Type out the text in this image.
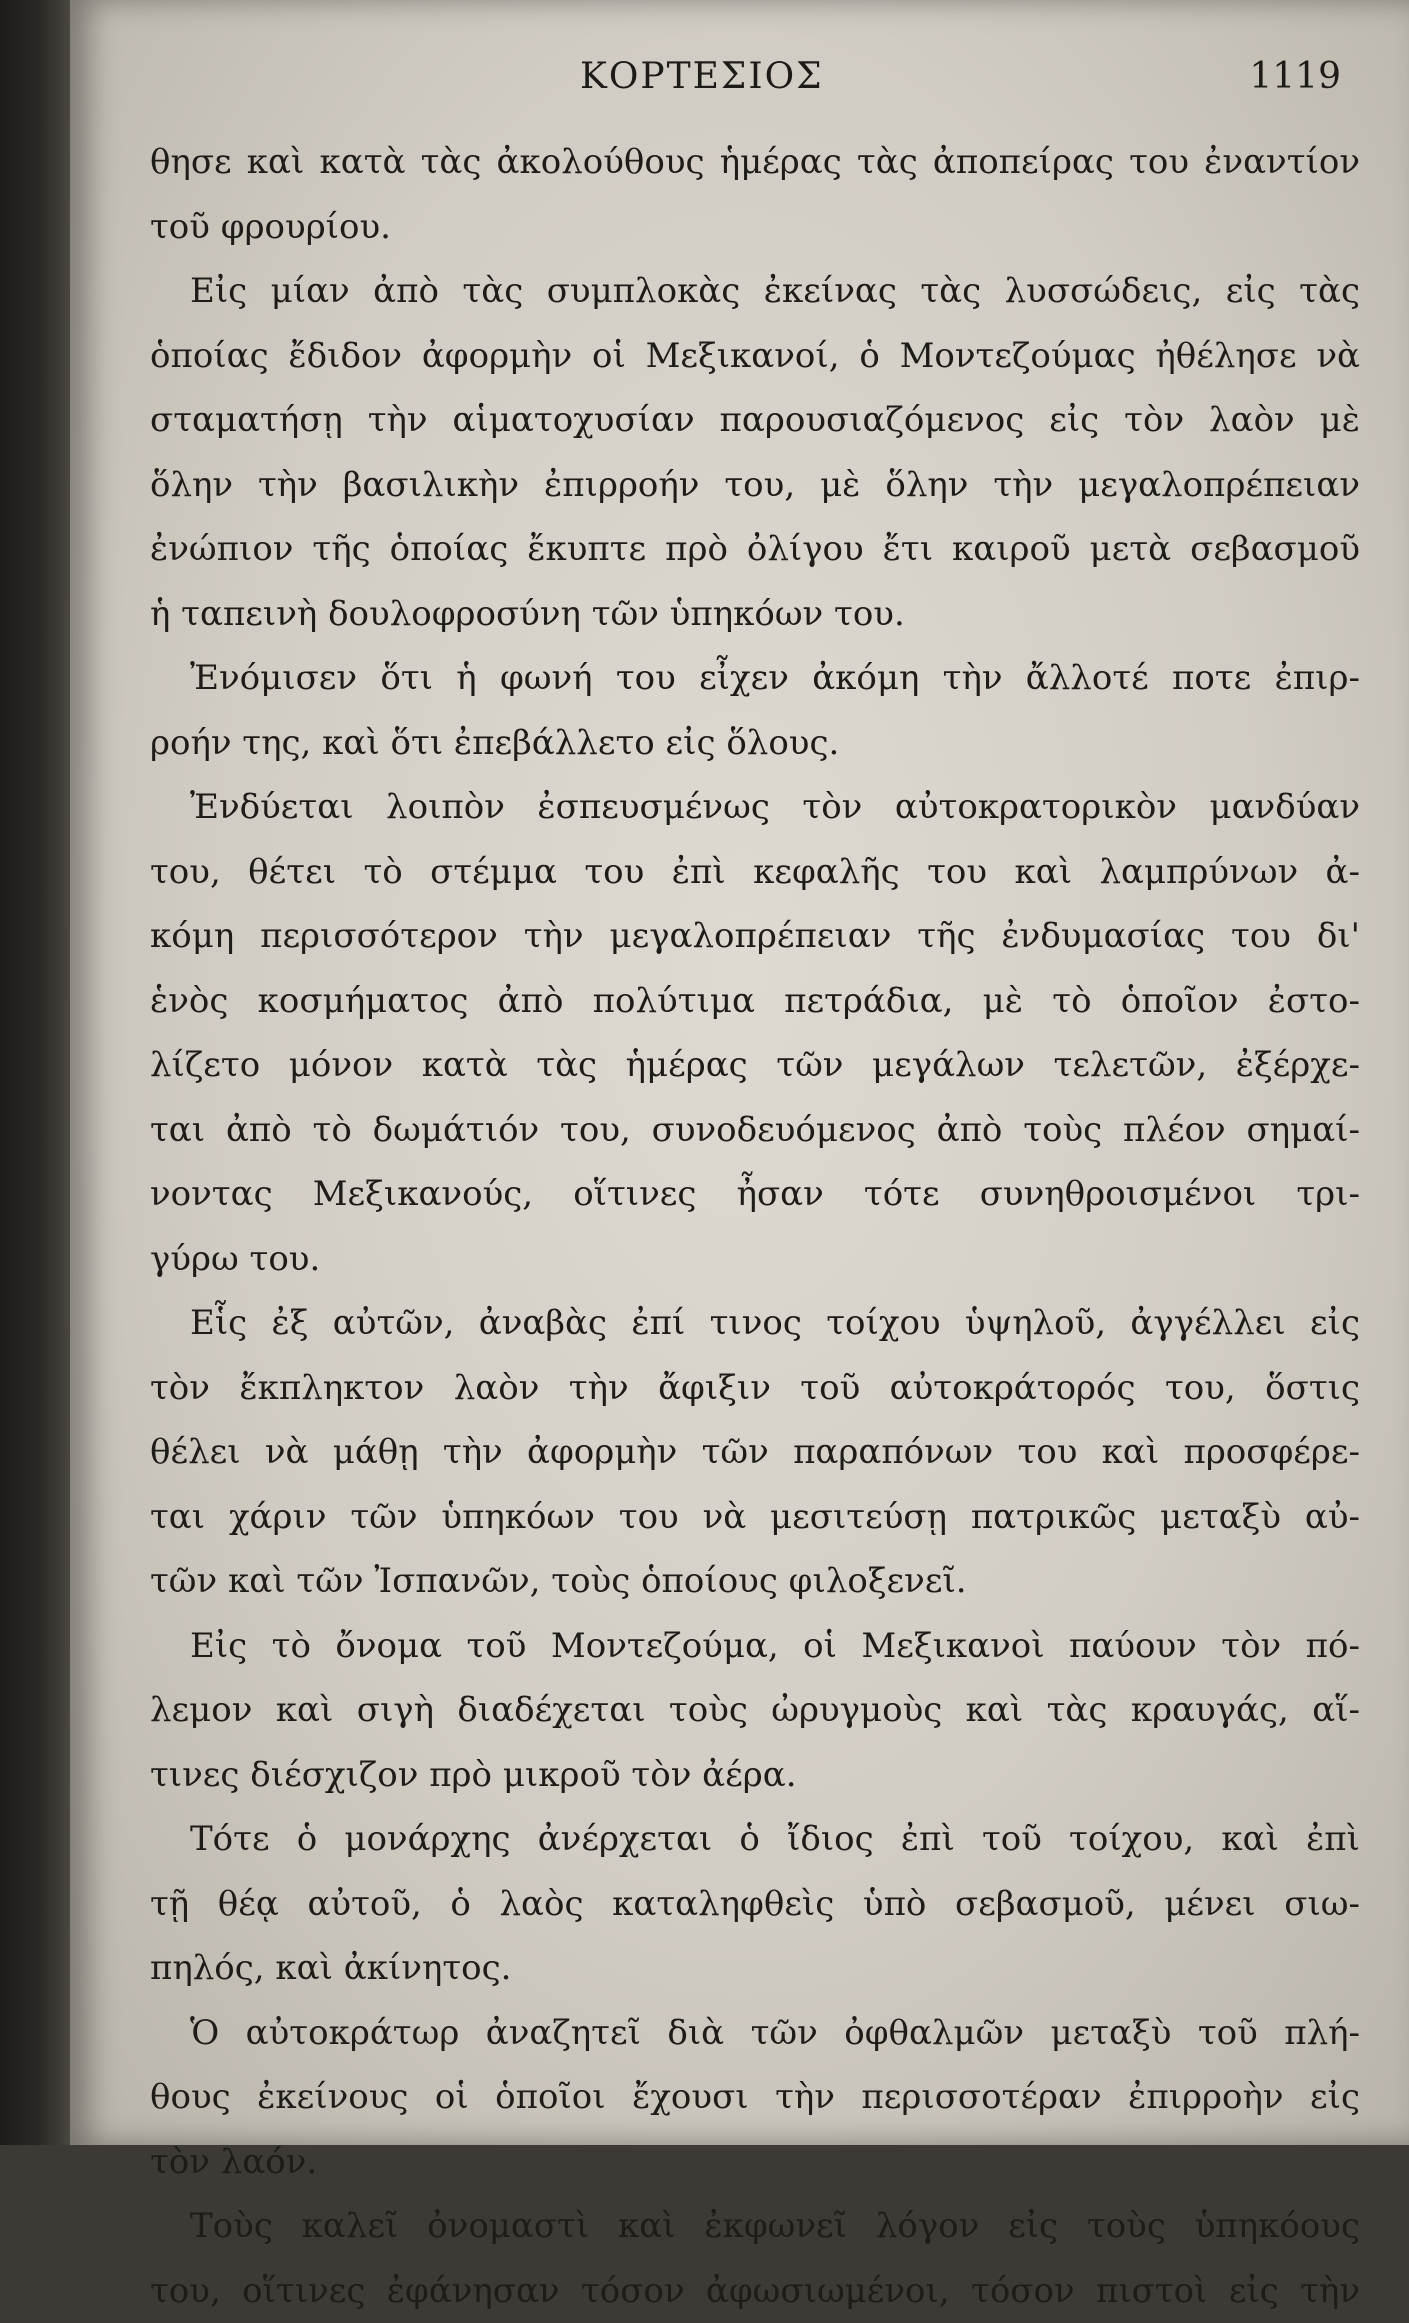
ΚΟΡΤΕΣΙΟΣ	1119
θησε καὶ κατὰ τὰς ἀκολούθους ἡμέρας τὰς ἀποπείρας του ἐναντίον
τοῦ φρουρίου.
Εἰς μίαν ἀπὸ τὰς συμπλοκὰς ἐκείνας τὰς λυσσώδεις, εἰς τὰς
ὁποίας ἔδιδον ἀφορμὴν οἱ Μεξικανοί, ὁ Μοντεζούμας ἠθέλησε νὰ
σταματήσῃ τὴν αἱματοχυσίαν παρουσιαζόμενος εἰς τὸν λαὸν μὲ
ὅλην τὴν βασιλικὴν ἐπιρροήν του, μὲ ὅλην τὴν μεγαλοπρέπειαν
ἐνώπιον τῆς ὁποίας ἔκυπτε πρὸ ὀλίγου ἔτι καιροῦ μετὰ σεβασμοῦ
ἡ ταπεινὴ δουλοφροσύνη τῶν ὑπηκόων του.
Ἐνόμισεν ὅτι ἡ φωνή του εἶχεν ἀκόμη τὴν ἄλλοτέ ποτε ἐπιρ-
ροήν της, καὶ ὅτι ἐπεβάλλετο εἰς ὅλους.
Ἐνδύεται λοιπὸν ἐσπευσμένως τὸν αὐτοκρατορικὸν μανδύαν
του, θέτει τὸ στέμμα του ἐπὶ κεφαλῆς του καὶ λαμπρύνων ἀ-
κόμη περισσότερον τὴν μεγαλοπρέπειαν τῆς ἐνδυμασίας του δι'
ἑνὸς κοσμήματος ἀπὸ πολύτιμα πετράδια, μὲ τὸ ὁποῖον ἐστο-
λίζετο μόνον κατὰ τὰς ἡμέρας τῶν μεγάλων τελετῶν, ἐξέρχε-
ται ἀπὸ τὸ δωμάτιόν του, συνοδευόμενος ἀπὸ τοὺς πλέον σημαί-
νοντας Μεξικανούς, οἵτινες ἦσαν τότε συνηθροισμένοι τρι-
γύρω του.
Εἷς ἐξ αὐτῶν, ἀναβὰς ἐπί τινος τοίχου ὑψηλοῦ, ἀγγέλλει εἰς
τὸν ἔκπληκτον λαὸν τὴν ἄφιξιν τοῦ αὐτοκράτορός του, ὅστις
θέλει νὰ μάθῃ τὴν ἀφορμὴν τῶν παραπόνων του καὶ προσφέρε-
ται χάριν τῶν ὑπηκόων του νὰ μεσιτεύσῃ πατρικῶς μεταξὺ αὐ-
τῶν καὶ τῶν Ἰσπανῶν, τοὺς ὁποίους φιλοξενεῖ.
Εἰς τὸ ὄνομα τοῦ Μοντεζούμα, οἱ Μεξικανοὶ παύουν τὸν πό-
λεμον καὶ σιγὴ διαδέχεται τοὺς ὠρυγμοὺς καὶ τὰς κραυγάς, αἵ-
τινες διέσχιζον πρὸ μικροῦ τὸν ἀέρα.
Τότε ὁ μονάρχης ἀνέρχεται ὁ ἴδιος ἐπὶ τοῦ τοίχου, καὶ ἐπὶ
τῇ θέᾳ αὐτοῦ, ὁ λαὸς καταληφθεὶς ὑπὸ σεβασμοῦ, μένει σιω-
πηλός, καὶ ἀκίνητος.
Ὁ αὐτοκράτωρ ἀναζητεῖ διὰ τῶν ὀφθαλμῶν μεταξὺ τοῦ πλή-
θους ἐκείνους οἱ ὁποῖοι ἔχουσι τὴν περισσοτέραν ἐπιρροὴν εἰς
τὸν λαόν.
Τοὺς καλεῖ ὀνομαστὶ καὶ ἐκφωνεῖ λόγον εἰς τοὺς ὑπηκόους
του, οἵτινες ἐφάνησαν τόσον ἀφωσιωμένοι, τόσον πιστοὶ εἰς τὴν
